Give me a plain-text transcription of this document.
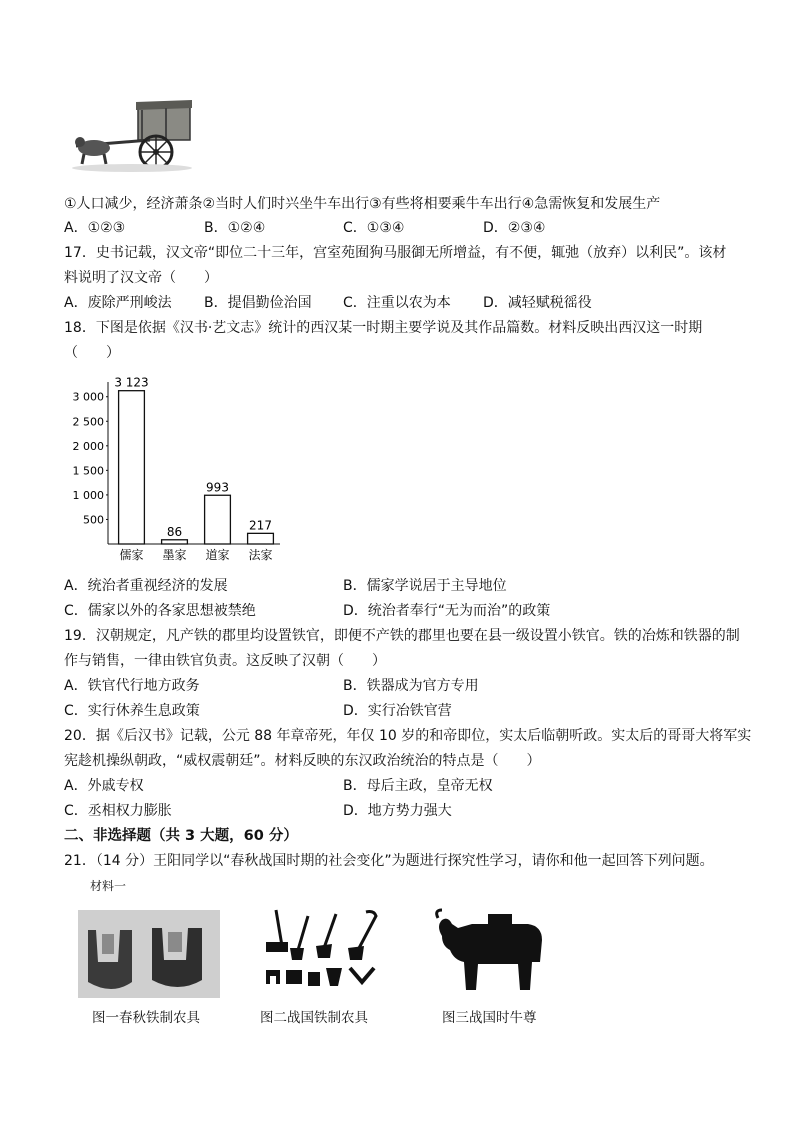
①人口减少，经济萧条②当时人们时兴坐牛车出行③有些将相要乘牛车出行④急需恢复和发展生产
A．①②③	B．①②④	C．①③④	D．②③④
17．史书记载，汉文帝“即位二十三年，宫室苑囿狗马服御无所增益，有不便，辄弛（放弃）以利民”。该材
料说明了汉文帝（　　）
A．废除严刑峻法 B．提倡勤俭治国 C．注重以农为本 D．减轻赋税徭役
18．下图是依据《汉书·艺文志》统计的西汉某一时期主要学说及其作品篇数。材料反映出西汉这一时期
（　　）
3 000
2 500
2 000
1 500
1 000
500
3 123
儒家
86
墨家
993
道家
217
法家
A．统治者重视经济的发展	B．儒家学说居于主导地位
C．儒家以外的各家思想被禁绝	D．统治者奉行“无为而治”的政策
19．汉朝规定，凡产铁的郡里均设置铁官，即便不产铁的郡里也要在县一级设置小铁官。铁的冶炼和铁器的制
作与销售，一律由铁官负责。这反映了汉朝（　　）
A．铁官代行地方政务	B．铁器成为官方专用
C．实行休养生息政策	D．实行冶铁官营
20．据《后汉书》记载，公元 88 年章帝死，年仅 10 岁的和帝即位，实太后临朝听政。实太后的哥哥大将军实
宪趁机操纵朝政，“威权震朝廷”。材料反映的东汉政治统治的特点是（　　）
A．外戚专权	B．母后主政，皇帝无权
C．丞相权力膨胀	D．地方势力强大
二、非选择题（共 3 大题，60 分）
21．（14 分）王阳同学以“春秋战国时期的社会变化”为题进行探究性学习，请你和他一起回答下列问题。
材料一
图一春秋铁制农具	图二战国铁制农具	图三战国时牛尊
